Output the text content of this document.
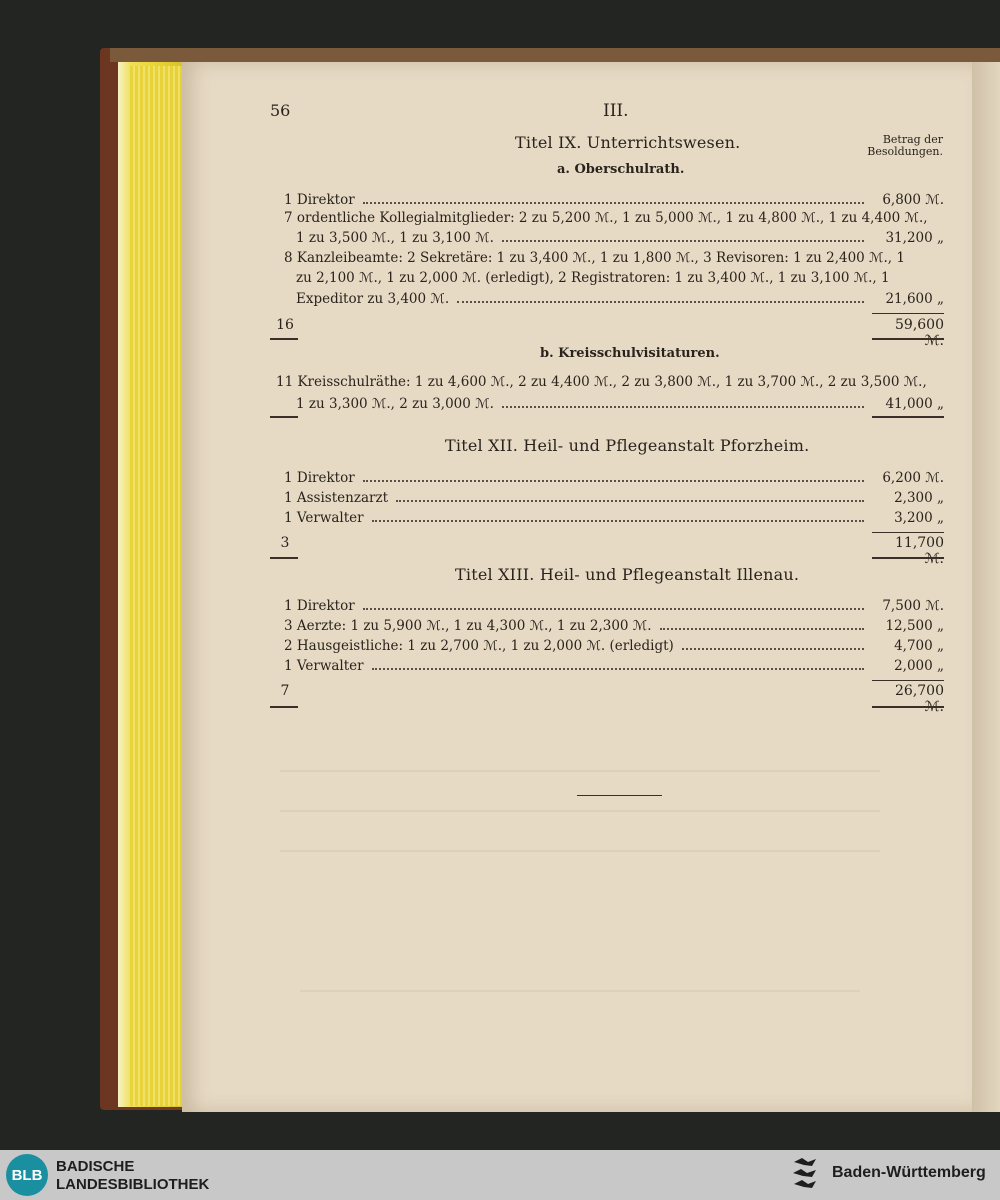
56	III.
Titel IX. Unterrichtswesen.	Betrag der Besoldungen.
a. Oberschulrath.
1 Direktor	6,800 ℳ.
7 ordentliche Kollegialmitglieder: 2 zu 5,200 ℳ., 1 zu 5,000 ℳ., 1 zu 4,800 ℳ., 1 zu 4,400 ℳ.,
1 zu 3,500 ℳ., 1 zu 3,100 ℳ.	31,200 „
8 Kanzleibeamte: 2 Sekretäre: 1 zu 3,400 ℳ., 1 zu 1,800 ℳ., 3 Revisoren: 1 zu 2,400 ℳ., 1
zu 2,100 ℳ., 1 zu 2,000 ℳ. (erledigt), 2 Registratoren: 1 zu 3,400 ℳ., 1 zu 3,100 ℳ., 1
Expeditor zu 3,400 ℳ.	21,600 „
16	59,600 ℳ.
b. Kreisschulvisitaturen.
11 Kreisschulräthe: 1 zu 4,600 ℳ., 2 zu 4,400 ℳ., 2 zu 3,800 ℳ., 1 zu 3,700 ℳ., 2 zu 3,500 ℳ.,
1 zu 3,300 ℳ., 2 zu 3,000 ℳ.	41,000 „
Titel XII. Heil- und Pflegeanstalt Pforzheim.
1 Direktor	6,200 ℳ.
1 Assistenzarzt	2,300 „
1 Verwalter	3,200 „
3	11,700 ℳ.
Titel XIII. Heil- und Pflegeanstalt Illenau.
1 Direktor	7,500 ℳ.
3 Aerzte: 1 zu 5,900 ℳ., 1 zu 4,300 ℳ., 1 zu 2,300 ℳ.	12,500 „
2 Hausgeistliche: 1 zu 2,700 ℳ., 1 zu 2,000 ℳ. (erledigt)	4,700 „
1 Verwalter	2,000 „
7	26,700 ℳ.
BLB BADISCHE
LANDESBIBLIOTHEK
Baden-Württemberg
